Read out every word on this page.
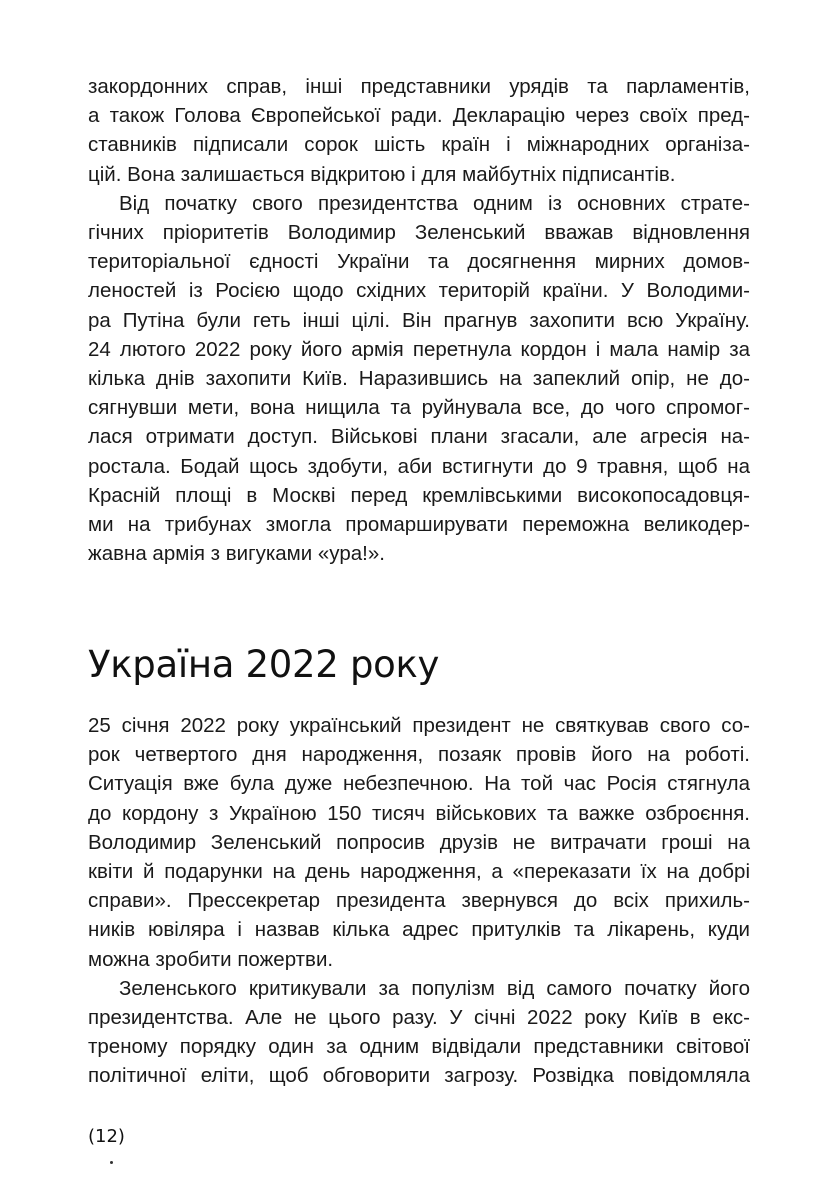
закордонних справ, інші представники урядів та парламентів,
а також Голова Європейської ради. Декларацію через своїх пред-
ставників підписали сорок шість країн і міжнародних організа-
цій. Вона залишається відкритою і для майбутніх підписантів.

Від початку свого президентства одним із основних страте-
гічних пріоритетів Володимир Зеленський вважав відновлення
територіальної єдності України та досягнення мирних домов-
леностей із Росією щодо східних територій країни. У Володими-
ра Путіна були геть інші цілі. Він прагнув захопити всю Україну.
24 лютого 2022 року його армія перетнула кордон і мала намір за
кілька днів захопити Київ. Наразившись на запеклий опір, не до-
сягнувши мети, вона нищила та руйнувала все, до чого спромог-
лася отримати доступ. Військові плани згасали, але агресія на-
ростала. Бодай щось здобути, аби встигнути до 9 травня, щоб на
Красній площі в Москві перед кремлівськими високопосадовця-
ми на трибунах змогла промарширувати переможна великодер-
жавна армія з вигуками «ура!».

Україна 2022 року

25 січня 2022 року український президент не святкував свого со-
рок четвертого дня народження, позаяк провів його на роботі.
Ситуація вже була дуже небезпечною. На той час Росія стягнула
до кордону з Україною 150 тисяч військових та важке озброєння.
Володимир Зеленський попросив друзів не витрачати гроші на
квіти й подарунки на день народження, а «переказати їх на добрі
справи». Прессекретар президента звернувся до всіх прихиль-
ників ювіляра і назвав кілька адрес притулків та лікарень, куди
можна зробити пожертви.

Зеленського критикували за популізм від самого початку його
президентства. Але не цього разу. У січні 2022 року Київ в екс-
треному порядку один за одним відвідали представники світової
політичної еліти, щоб обговорити загрозу. Розвідка повідомляла

(12)
